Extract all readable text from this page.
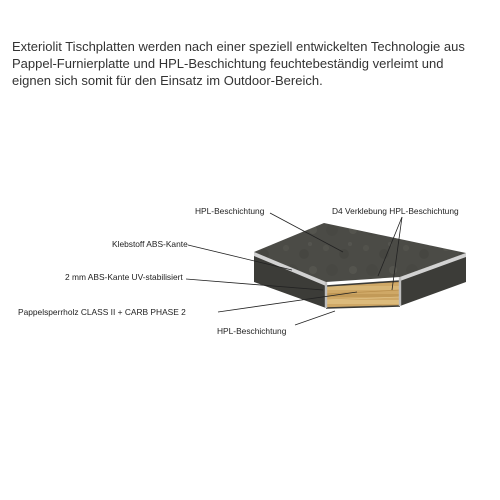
Exteriolit Tischplatten werden nach einer speziell entwickelten Technologie aus

Pappel-Furnierplatte und HPL-Beschichtung feuchtebeständig verleimt und

eignen sich somit für den Einsatz im Outdoor-Bereich.

HPL-Beschichtung	D4 Verklebung HPL-Beschichtung
Klebstoff ABS-Kante
2 mm ABS-Kante UV-stabilisiert
Pappelsperrholz CLASS II + CARB PHASE 2
HPL-Beschichtung
